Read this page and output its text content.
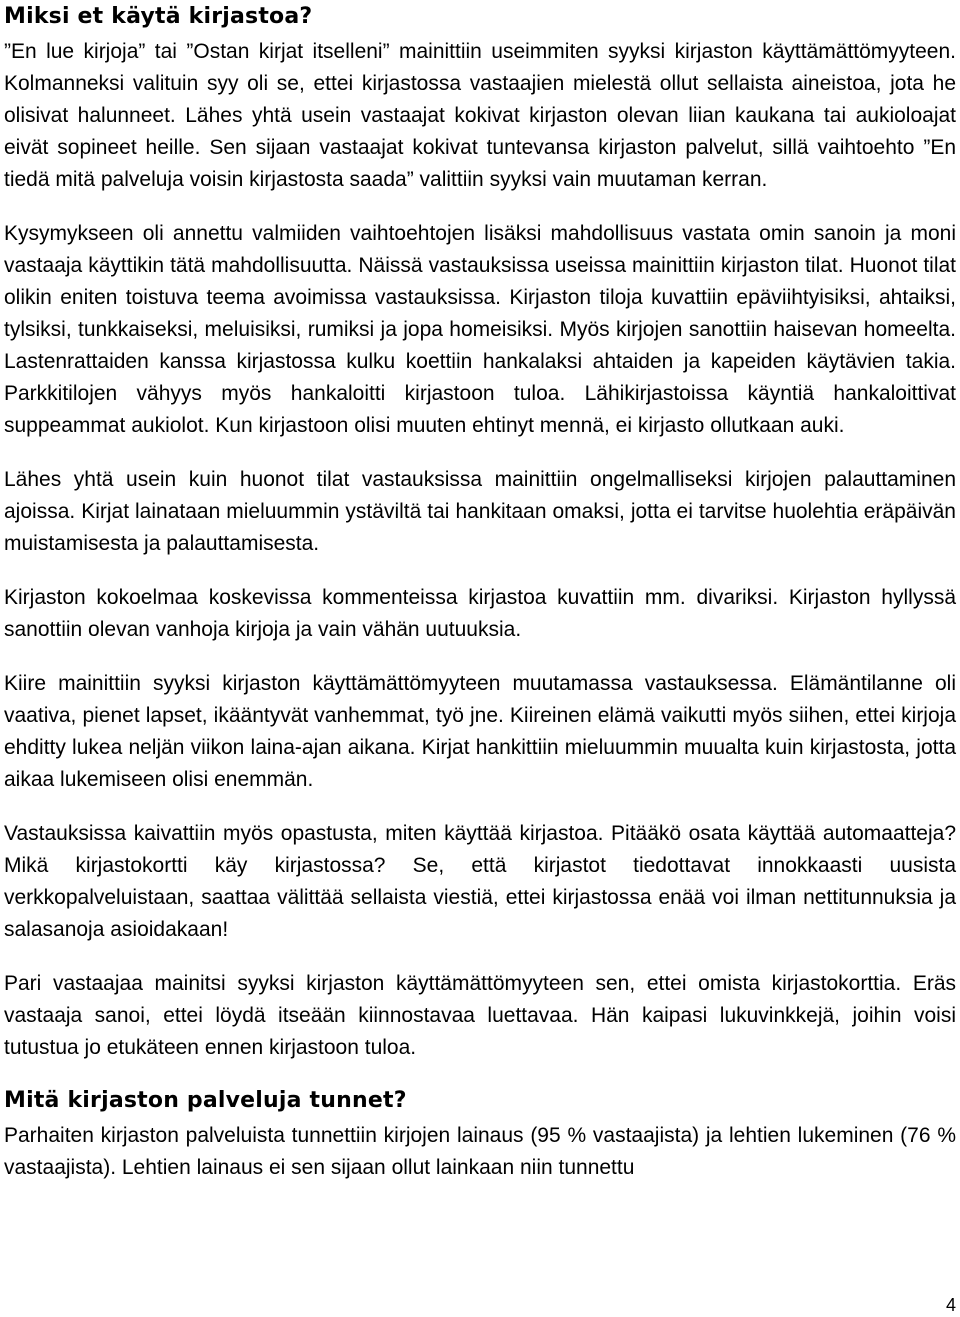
Miksi et käytä kirjastoa?

”En lue kirjoja” tai ”Ostan kirjat itselleni” mainittiin useimmiten syyksi kirjaston käyttämättömyyteen. Kolmanneksi valituin syy oli se, ettei kirjastossa vastaajien mielestä ollut sellaista aineistoa, jota he olisivat halunneet. Lähes yhtä usein vastaajat kokivat kirjaston olevan liian kaukana tai aukioloajat eivät sopineet heille. Sen sijaan vastaajat kokivat tuntevansa kirjaston palvelut, sillä vaihtoehto ”En tiedä mitä palveluja voisin kirjastosta saada” valittiin syyksi vain muutaman kerran.

Kysymykseen oli annettu valmiiden vaihtoehtojen lisäksi mahdollisuus vastata omin sanoin ja moni vastaaja käyttikin tätä mahdollisuutta. Näissä vastauksissa useissa mainittiin kirjaston tilat. Huonot tilat olikin eniten toistuva teema avoimissa vastauksissa. Kirjaston tiloja kuvattiin epäviihtyisiksi, ahtaiksi, tylsiksi, tunkkaiseksi, meluisiksi, rumiksi ja jopa homeisiksi. Myös kirjojen sanottiin haisevan homeelta. Lastenrattaiden kanssa kirjastossa kulku koettiin hankalaksi ahtaiden ja kapeiden käytävien takia. Parkkitilojen vähyys myös hankaloitti kirjastoon tuloa. Lähikirjastoissa käyntiä hankaloittivat suppeammat aukiolot. Kun kirjastoon olisi muuten ehtinyt mennä, ei kirjasto ollutkaan auki.

Lähes yhtä usein kuin huonot tilat vastauksissa mainittiin ongelmalliseksi kirjojen palauttaminen ajoissa. Kirjat lainataan mieluummin ystäviltä tai hankitaan omaksi, jotta ei tarvitse huolehtia eräpäivän muistamisesta ja palauttamisesta.

Kirjaston kokoelmaa koskevissa kommenteissa kirjastoa kuvattiin mm. divariksi. Kirjaston hyllyssä sanottiin olevan vanhoja kirjoja ja vain vähän uutuuksia.

Kiire mainittiin syyksi kirjaston käyttämättömyyteen muutamassa vastauksessa. Elämäntilanne oli vaativa, pienet lapset, ikääntyvät vanhemmat, työ jne. Kiireinen elämä vaikutti myös siihen, ettei kirjoja ehditty lukea neljän viikon laina-ajan aikana. Kirjat hankittiin mieluummin muualta kuin kirjastosta, jotta aikaa lukemiseen olisi enemmän.

Vastauksissa kaivattiin myös opastusta, miten käyttää kirjastoa. Pitääkö osata käyttää automaatteja? Mikä kirjastokortti käy kirjastossa? Se, että kirjastot tiedottavat innokkaasti uusista verkkopalveluistaan, saattaa välittää sellaista viestiä, ettei kirjastossa enää voi ilman nettitunnuksia ja salasanoja asioidakaan!

Pari vastaajaa mainitsi syyksi kirjaston käyttämättömyyteen sen, ettei omista kirjastokorttia. Eräs vastaaja sanoi, ettei löydä itseään kiinnostavaa luettavaa. Hän kaipasi lukuvinkkejä, joihin voisi tutustua jo etukäteen ennen kirjastoon tuloa.

Mitä kirjaston palveluja tunnet?

Parhaiten kirjaston palveluista tunnettiin kirjojen lainaus (95 % vastaajista) ja lehtien lukeminen (76 % vastaajista). Lehtien lainaus ei sen sijaan ollut lainkaan niin tunnettu

4
